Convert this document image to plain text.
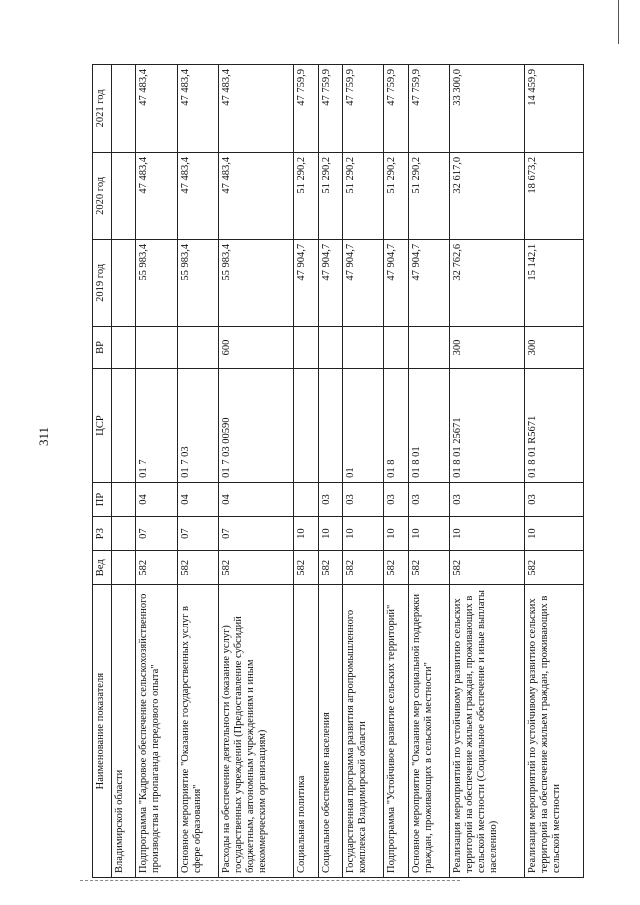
311
Наименование показателя	Вед	РЗ	ПР	ЦСР	ВР	2019 год	2020 год	2021 год
Владимирской области								
Подпрограмма "Кадровое обеспечение сельскохозяйственного производства и пропаганда передового опыта"	582	07	04	01 7		55 983,4	47 483,4	47 483,4
Основное мероприятие "Оказание государственных услуг в сфере образования"	582	07	04	01 7 03		55 983,4	47 483,4	47 483,4
Расходы на обеспечение деятельности (оказание услуг) государственных учреждений (Предоставление субсидий бюджетным, автономным учреждениям и иным некоммерческим организациям)	582	07	04	01 7 03 00590	600	55 983,4	47 483,4	47 483,4
Социальная политика	582	10				47 904,7	51 290,2	47 759,9
Социальное обеспечение населения	582	10	03			47 904,7	51 290,2	47 759,9
Государственная программа развития агропромышленного комплекса Владимирской области	582	10	03	01		47 904,7	51 290,2	47 759,9
Подпрограмма "Устойчивое развитие сельских территорий"	582	10	03	01 8		47 904,7	51 290,2	47 759,9
Основное мероприятие "Оказание мер социальной поддержки граждан, проживающих в сельской местности"	582	10	03	01 8 01		47 904,7	51 290,2	47 759,9
Реализация мероприятий по устойчивому развитию сельских территорий на обеспечение жильем граждан, проживающих в сельской местности (Социальное обеспечение и иные выплаты населению)	582	10	03	01 8 01 25671	300	32 762,6	32 617,0	33 300,0
Реализация мероприятий по устойчивому развитию сельских территорий на обеспечение жильем граждан, проживающих в сельской местности	582	10	03	01 8 01 R5671	300	15 142,1	18 673,2	14 459,9
